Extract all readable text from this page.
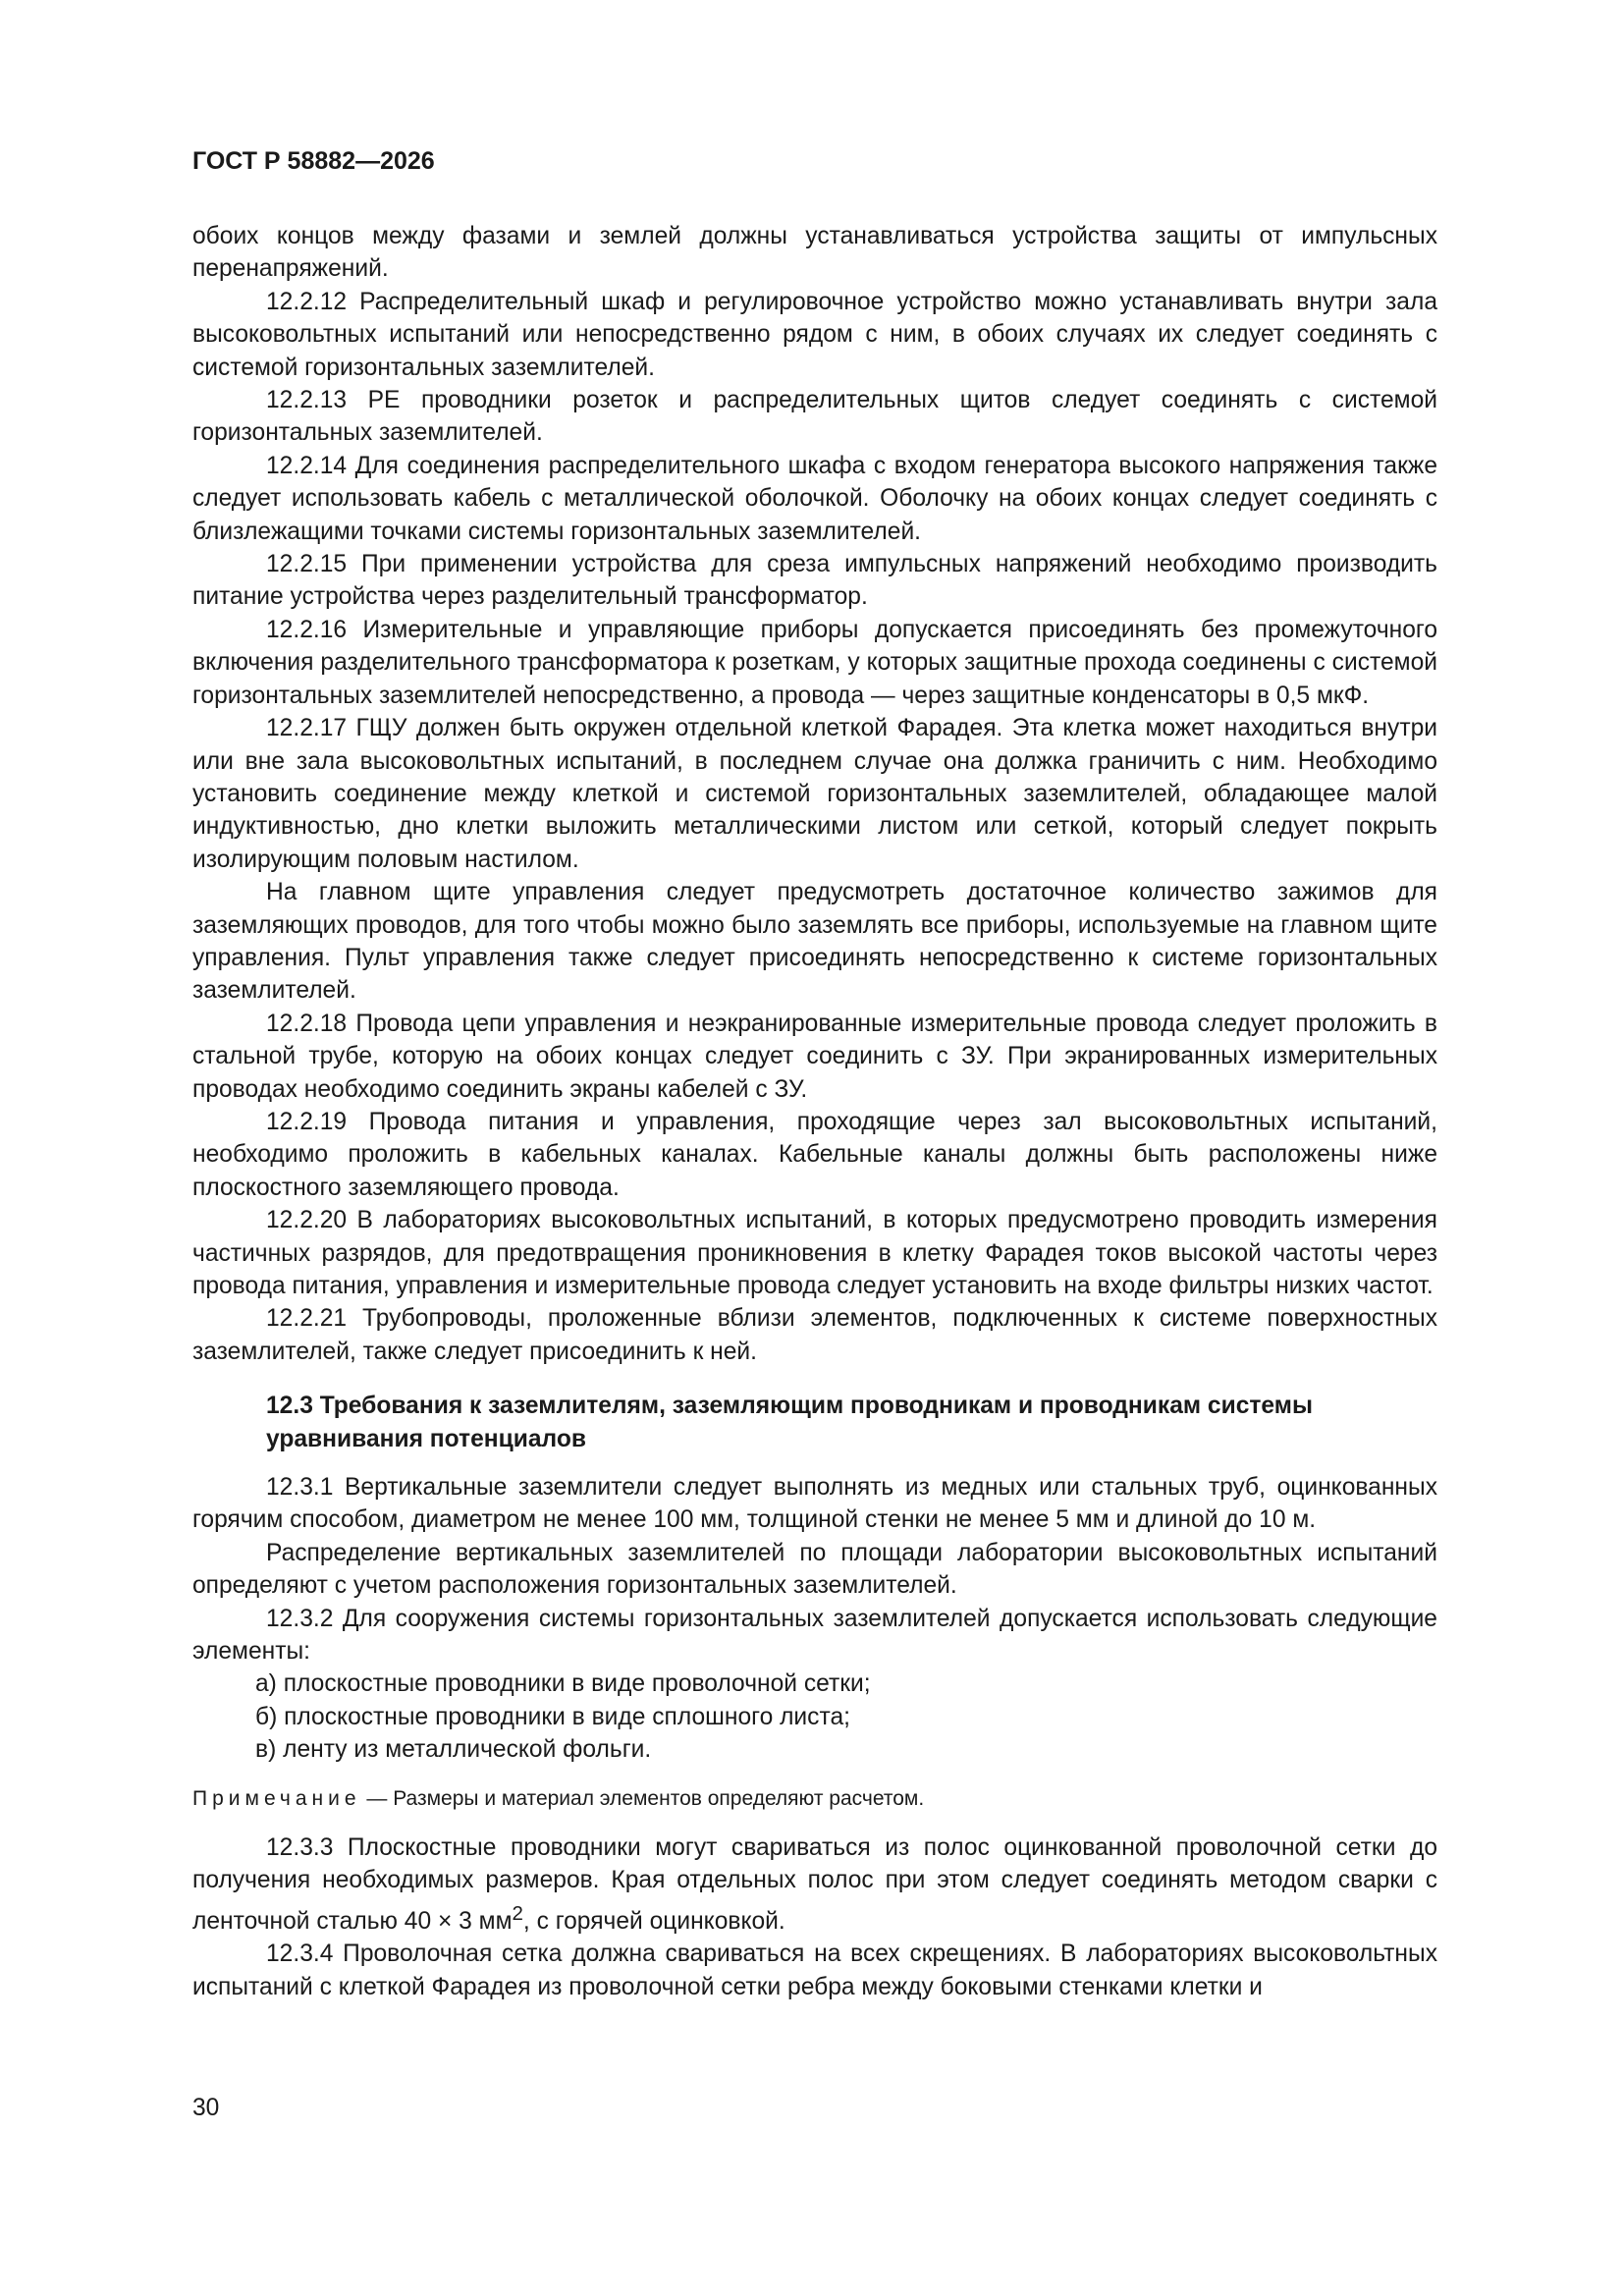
ГОСТ Р 58882—2026

обоих концов между фазами и землей должны устанавливаться устройства защиты от импульсных перенапряжений.

12.2.12 Распределительный шкаф и регулировочное устройство можно устанавливать внутри зала высоковольтных испытаний или непосредственно рядом с ним, в обоих случаях их следует соединять с системой горизонтальных заземлителей.

12.2.13 PE проводники розеток и распределительных щитов следует соединять с системой горизонтальных заземлителей.

12.2.14 Для соединения распределительного шкафа с входом генератора высокого напряжения также следует использовать кабель с металлической оболочкой. Оболочку на обоих концах следует соединять с близлежащими точками системы горизонтальных заземлителей.

12.2.15 При применении устройства для среза импульсных напряжений необходимо производить питание устройства через разделительный трансформатор.

12.2.16 Измерительные и управляющие приборы допускается присоединять без промежуточного включения разделительного трансформатора к розеткам, у которых защитные прохода соединены с системой горизонтальных заземлителей непосредственно, а провода — через защитные конденсаторы в 0,5 мкФ.

12.2.17 ГЩУ должен быть окружен отдельной клеткой Фарадея. Эта клетка может находиться внутри или вне зала высоковольтных испытаний, в последнем случае она должка граничить с ним. Необходимо установить соединение между клеткой и системой горизонтальных заземлителей, обладающее малой индуктивностью, дно клетки выложить металлическими листом или сеткой, который следует покрыть изолирующим половым настилом.

На главном щите управления следует предусмотреть достаточное количество зажимов для заземляющих проводов, для того чтобы можно было заземлять все приборы, используемые на главном щите управления. Пульт управления также следует присоединять непосредственно к системе горизонтальных заземлителей.

12.2.18 Провода цепи управления и неэкранированные измерительные провода следует проложить в стальной трубе, которую на обоих концах следует соединить с ЗУ. При экранированных измерительных проводах необходимо соединить экраны кабелей с ЗУ.

12.2.19 Провода питания и управления, проходящие через зал высоковольтных испытаний, необходимо проложить в кабельных каналах. Кабельные каналы должны быть расположены ниже плоскостного заземляющего провода.

12.2.20 В лабораториях высоковольтных испытаний, в которых предусмотрено проводить измерения частичных разрядов, для предотвращения проникновения в клетку Фарадея токов высокой частоты через провода питания, управления и измерительные провода следует установить на входе фильтры низких частот.

12.2.21 Трубопроводы, проложенные вблизи элементов, подключенных к системе поверхностных заземлителей, также следует присоединить к ней.

12.3 Требования к заземлителям, заземляющим проводникам и проводникам системы уравнивания потенциалов

12.3.1 Вертикальные заземлители следует выполнять из медных или стальных труб, оцинкованных горячим способом, диаметром не менее 100 мм, толщиной стенки не менее 5 мм и длиной до 10 м.

Распределение вертикальных заземлителей по площади лаборатории высоковольтных испытаний определяют с учетом расположения горизонтальных заземлителей.

12.3.2 Для сооружения системы горизонтальных заземлителей допускается использовать следующие элементы:

а) плоскостные проводники в виде проволочной сетки;

б) плоскостные проводники в виде сплошного листа;

в) ленту из металлической фольги.

Примечание — Размеры и материал элементов определяют расчетом.

12.3.3 Плоскостные проводники могут свариваться из полос оцинкованной проволочной сетки до получения необходимых размеров. Края отдельных полос при этом следует соединять методом сварки с ленточной сталью 40 × 3 $мм^2$, с горячей оцинковкой.

12.3.4 Проволочная сетка должна свариваться на всех скрещениях. В лабораториях высоковольтных испытаний с клеткой Фарадея из проволочной сетки ребра между боковыми стенками клетки и

30
